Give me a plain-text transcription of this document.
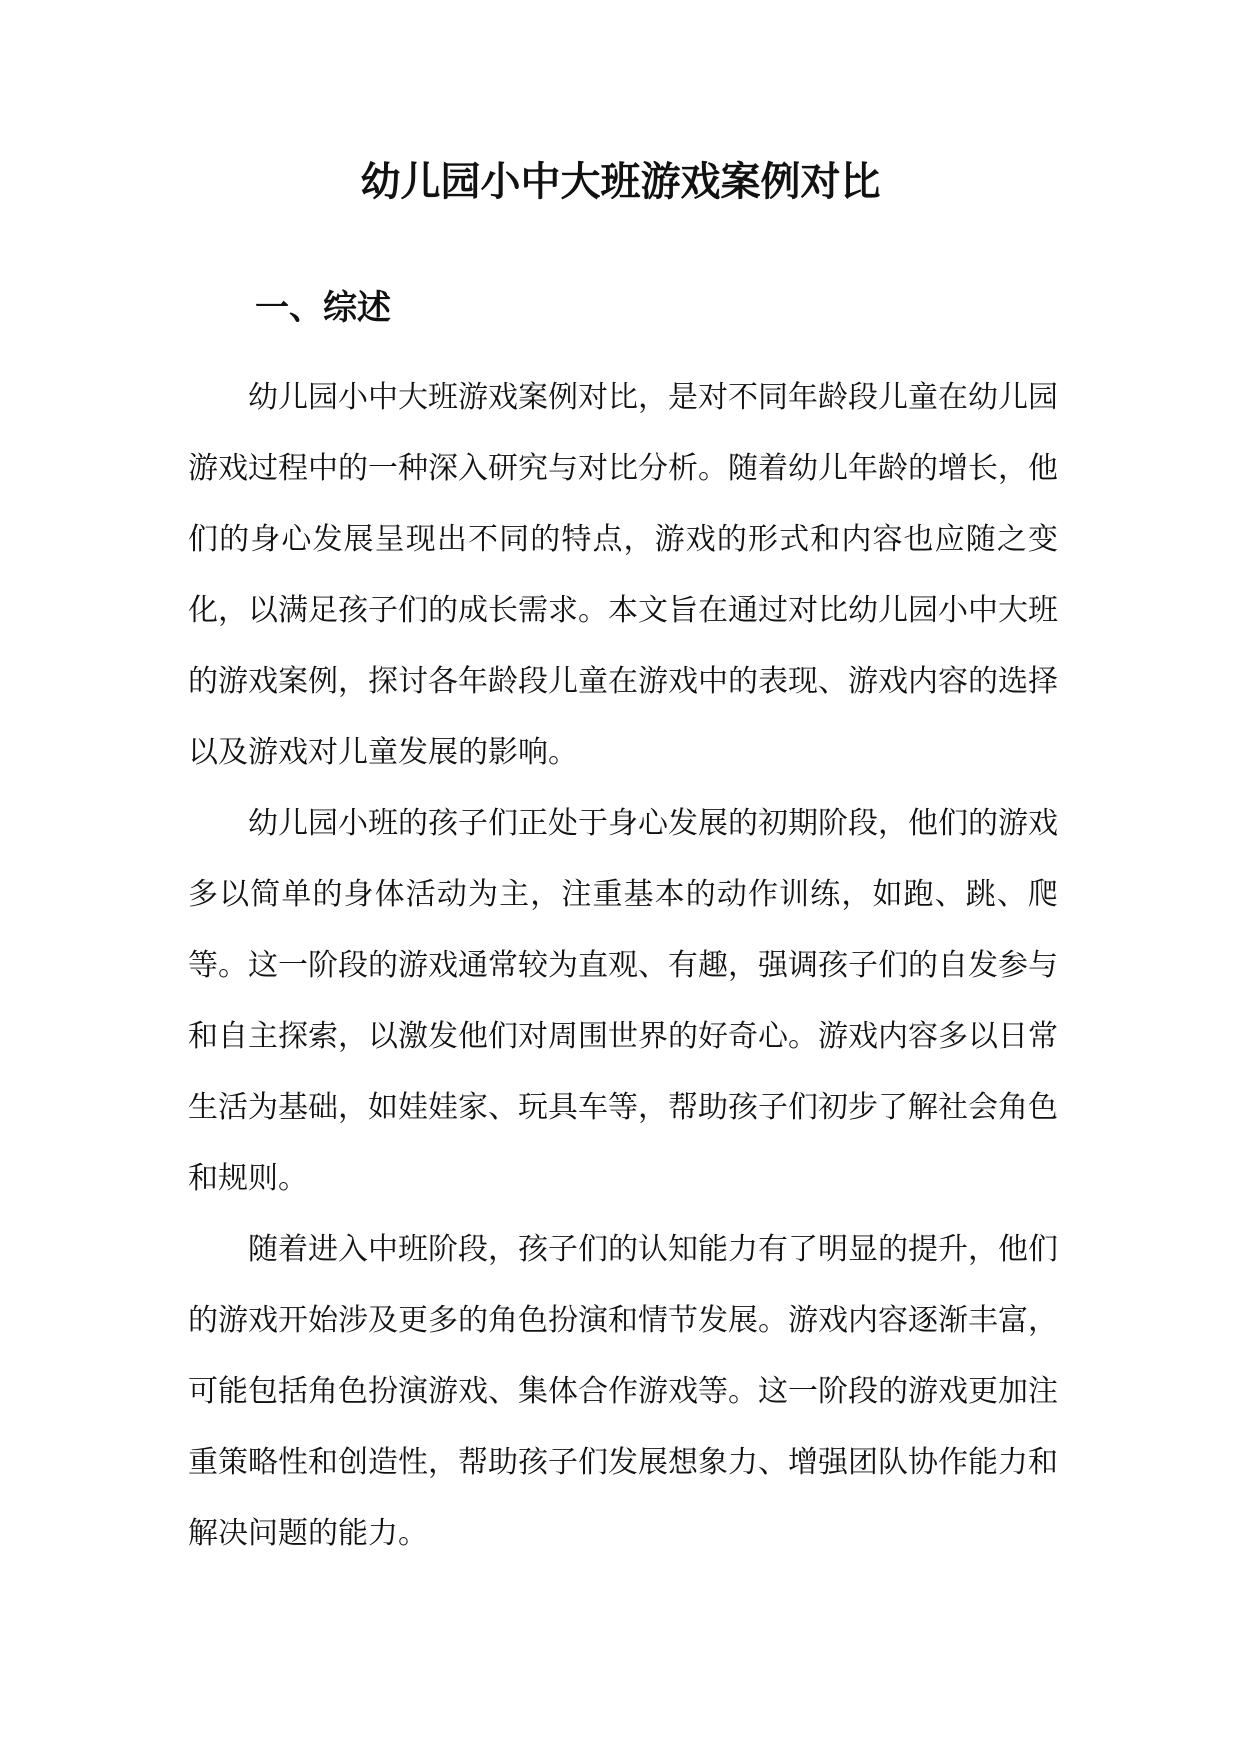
幼儿园小中大班游戏案例对比
一、综述

幼儿园小中大班游戏案例对比，是对不同年龄段儿童在幼儿园游戏过程中的一种深入研究与对比分析。随着幼儿年龄的增长，他们的身心发展呈现出不同的特点，游戏的形式和内容也应随之变化，以满足孩子们的成长需求。本文旨在通过对比幼儿园小中大班的游戏案例，探讨各年龄段儿童在游戏中的表现、游戏内容的选择以及游戏对儿童发展的影响。

幼儿园小班的孩子们正处于身心发展的初期阶段，他们的游戏多以简单的身体活动为主，注重基本的动作训练，如跑、跳、爬等。这一阶段的游戏通常较为直观、有趣，强调孩子们的自发参与和自主探索，以激发他们对周围世界的好奇心。游戏内容多以日常生活为基础，如娃娃家、玩具车等，帮助孩子们初步了解社会角色和规则。

随着进入中班阶段，孩子们的认知能力有了明显的提升，他们的游戏开始涉及更多的角色扮演和情节发展。游戏内容逐渐丰富，可能包括角色扮演游戏、集体合作游戏等。这一阶段的游戏更加注重策略性和创造性，帮助孩子们发展想象力、增强团队协作能力和解决问题的能力。
